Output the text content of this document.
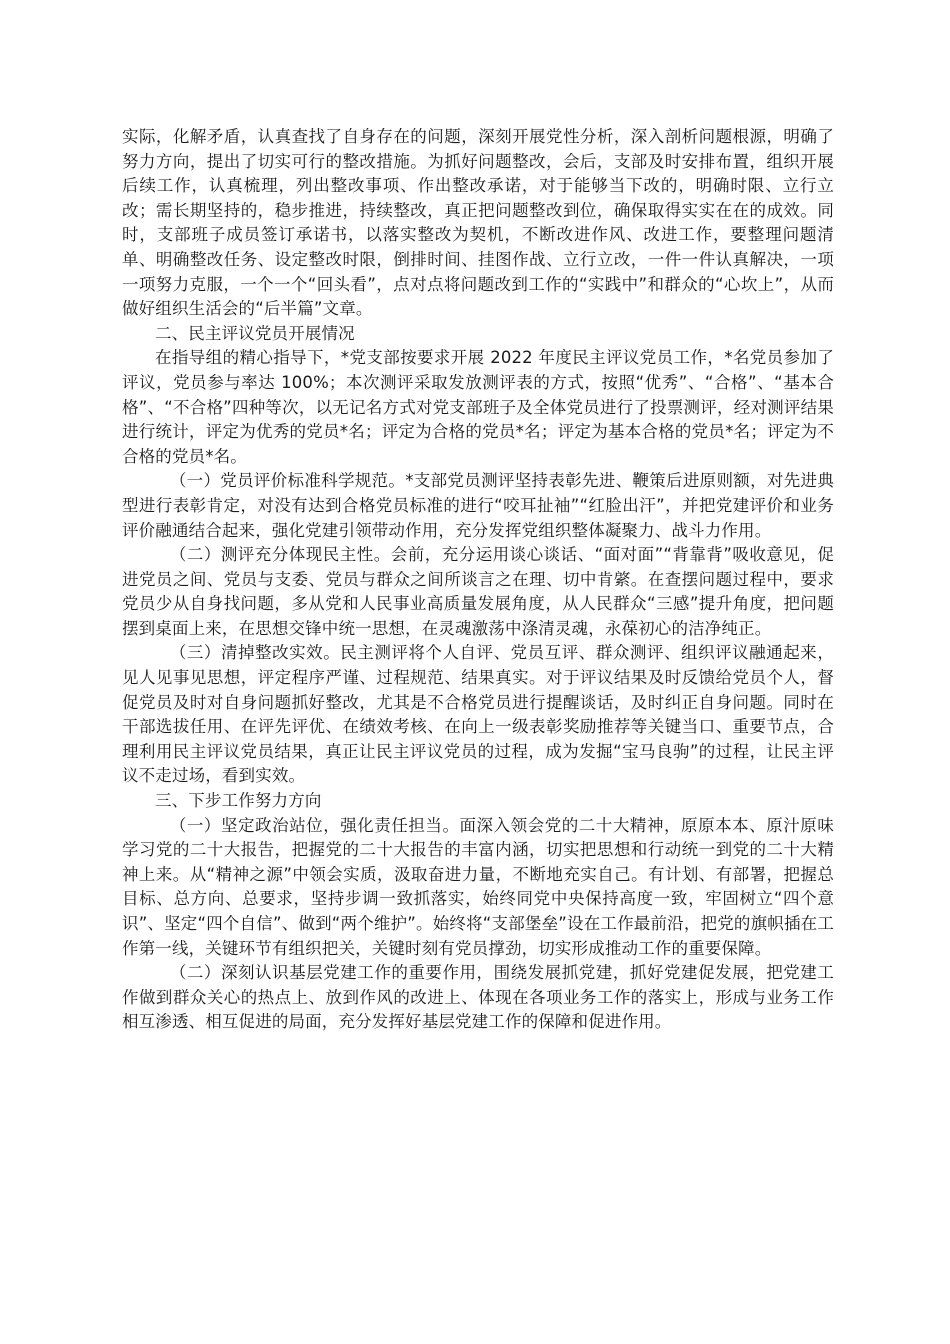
实际，化解矛盾，认真查找了自身存在的问题，深刻开展党性分析，深入剖析问题根源，明确了努力方向，提出了切实可行的整改措施。为抓好问题整改，会后，支部及时安排布置，组织开展后续工作，认真梳理，列出整改事项、作出整改承诺，对于能够当下改的，明确时限、立行立改；需长期坚持的，稳步推进，持续整改，真正把问题整改到位，确保取得实实在在的成效。同时，支部班子成员签订承诺书，以落实整改为契机，不断改进作风、改进工作，要整理问题清单、明确整改任务、设定整改时限，倒排时间、挂图作战、立行立改，一件一件认真解决，一项一项努力克服，一个一个“回头看”，点对点将问题改到工作的“实践中”和群众的“心坎上”，从而做好组织生活会的“后半篇”文章。

二、民主评议党员开展情况

在指导组的精心指导下，*党支部按要求开展 2022 年度民主评议党员工作，*名党员参加了评议，党员参与率达 100%；本次测评采取发放测评表的方式，按照“优秀”、“合格”、“基本合格”、“不合格”四种等次，以无记名方式对党支部班子及全体党员进行了投票测评，经对测评结果进行统计，评定为优秀的党员*名；评定为合格的党员*名；评定为基本合格的党员*名；评定为不合格的党员*名。

（一）党员评价标准科学规范。*支部党员测评坚持表彰先进、鞭策后进原则额，对先进典型进行表彰肯定，对没有达到合格党员标准的进行“咬耳扯袖”“红脸出汗”，并把党建评价和业务评价融通结合起来，强化党建引领带动作用，充分发挥党组织整体凝聚力、战斗力作用。

（二）测评充分体现民主性。会前，充分运用谈心谈话、“面对面”“背靠背”吸收意见，促进党员之间、党员与支委、党员与群众之间所谈言之在理、切中肯綮。在查摆问题过程中，要求党员少从自身找问题，多从党和人民事业高质量发展角度，从人民群众“三感”提升角度，把问题摆到桌面上来，在思想交锋中统一思想，在灵魂激荡中涤清灵魂，永葆初心的洁净纯正。

（三）清掉整改实效。民主测评将个人自评、党员互评、群众测评、组织评议融通起来，见人见事见思想，评定程序严谨、过程规范、结果真实。对于评议结果及时反馈给党员个人，督促党员及时对自身问题抓好整改，尤其是不合格党员进行提醒谈话，及时纠正自身问题。同时在干部选拔任用、在评先评优、在绩效考核、在向上一级表彰奖励推荐等关键当口、重要节点，合理利用民主评议党员结果，真正让民主评议党员的过程，成为发掘“宝马良驹”的过程，让民主评议不走过场，看到实效。

三、下步工作努力方向

（一）坚定政治站位，强化责任担当。面深入领会党的二十大精神，原原本本、原汁原味学习党的二十大报告，把握党的二十大报告的丰富内涵，切实把思想和行动统一到党的二十大精神上来。从“精神之源”中领会实质，汲取奋进力量，不断地充实自己。有计划、有部署，把握总目标、总方向、总要求，坚持步调一致抓落实，始终同党中央保持高度一致，牢固树立“四个意识”、坚定“四个自信”、做到“两个维护”。始终将“支部堡垒”设在工作最前沿，把党的旗帜插在工作第一线，关键环节有组织把关，关键时刻有党员撑劲，切实形成推动工作的重要保障。

（二）深刻认识基层党建工作的重要作用，围绕发展抓党建，抓好党建促发展，把党建工作做到群众关心的热点上、放到作风的改进上、体现在各项业务工作的落实上，形成与业务工作相互渗透、相互促进的局面，充分发挥好基层党建工作的保障和促进作用。
